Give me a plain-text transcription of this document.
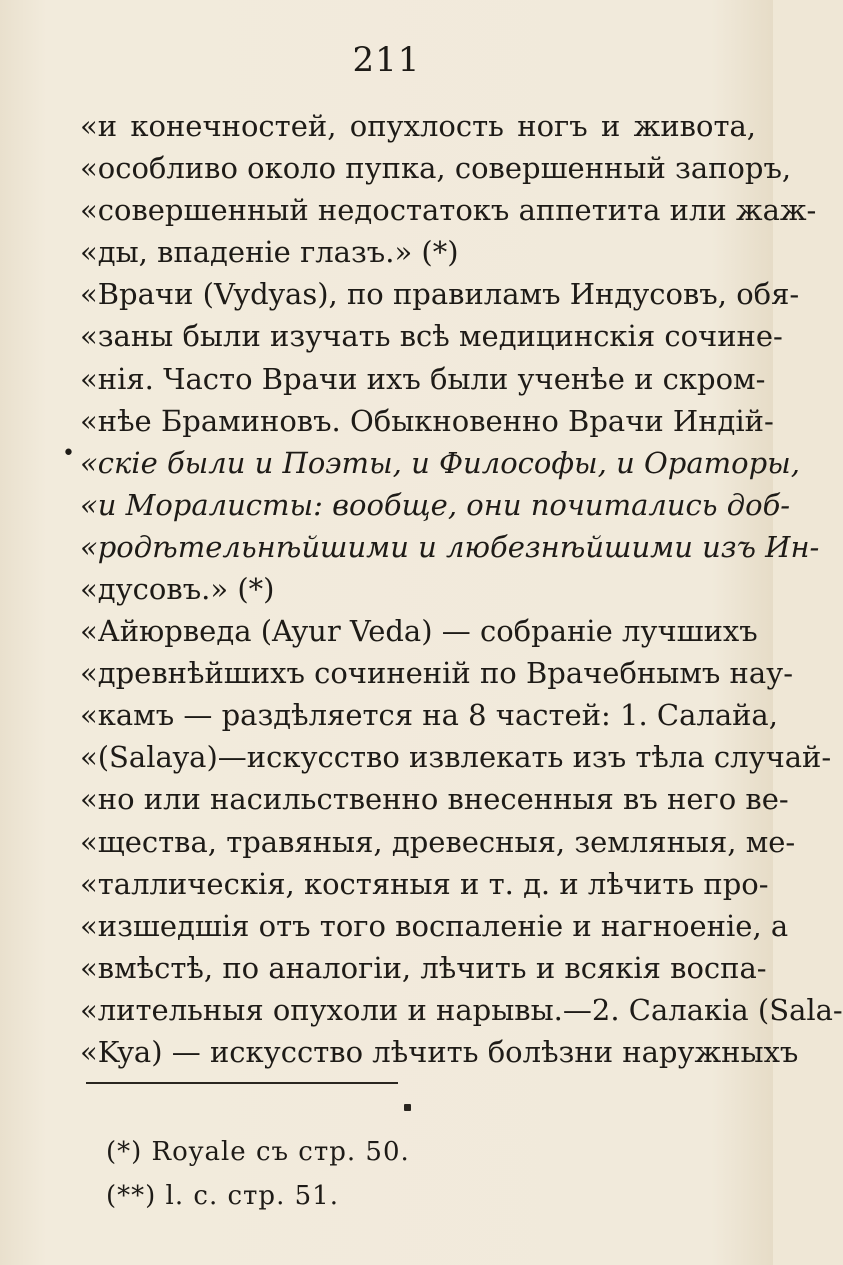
211
«и конечностей, опухлость ногъ и живота,
«особливо около пупка, совершенный запоръ,
«совершенный недостатокъ аппетита или жаж-
«ды, впаденіе глазъ.» (*)
«Врачи (Vydyas), по правиламъ Индусовъ, обя-
«заны были изучать всѣ медицинскія сочине-
«нія. Часто Врачи ихъ были ученѣе и скром-
«нѣе Браминовъ. Обыкновенно Врачи Индій-
«скіе были и Поэты, и Философы, и Ораторы,
«и Моралисты: вообще, они почитались доб-
«родѣтельнѣйшими и любезнѣйшими изъ Ин-
«дусовъ.» (*)
«Айюрведа (Ayur Veda) — собраніе лучшихъ
«древнѣйшихъ сочиненій по Врачебнымъ нау-
«камъ — раздѣляется на 8 частей: 1. Салайа,
«(Salaya)—искусство извлекать изъ тѣла случай-
«но или насильственно внесенныя въ него ве-
«щества, травяныя, древесныя, земляныя, ме-
«таллическія, костяныя и т. д. и лѣчить про-
«изшедшія отъ того воспаленіе и нагноеніе, а
«вмѣстѣ, по аналогіи, лѣчить и всякія воспа-
«лительныя опухоли и нарывы.—2. Салакіа (Sala-
«Kya) — искусство лѣчить болѣзни наружныхъ
•
(*) Royale съ стр. 50.
(**) l. c. стр. 51.
